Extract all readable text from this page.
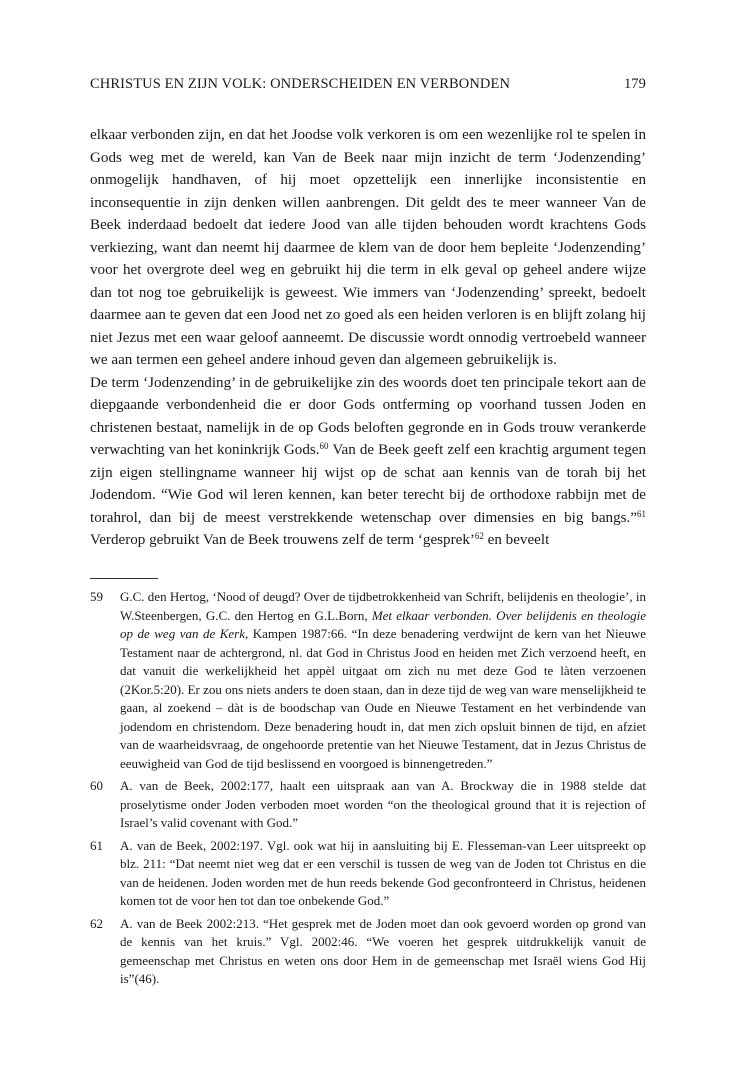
CHRISTUS EN ZIJN VOLK: ONDERSCHEIDEN EN VERBONDEN	179

elkaar verbonden zijn, en dat het Joodse volk verkoren is om een wezenlijke rol te spelen in Gods weg met de wereld, kan Van de Beek naar mijn inzicht de term ‘Jodenzending’ onmogelijk handhaven, of hij moet opzettelijk een innerlijke inconsistentie en inconsequentie in zijn denken willen aanbrengen. Dit geldt des te meer wanneer Van de Beek inderdaad bedoelt dat iedere Jood van alle tijden behouden wordt krachtens Gods verkiezing, want dan neemt hij daarmee de klem van de door hem bepleite ‘Jodenzending’ voor het overgrote deel weg en gebruikt hij die term in elk geval op geheel andere wijze dan tot nog toe gebruikelijk is geweest. Wie immers van ‘Jodenzending’ spreekt, bedoelt daarmee aan te geven dat een Jood net zo goed als een heiden verloren is en blijft zolang hij niet Jezus met een waar geloof aanneemt. De discussie wordt onnodig vertroebeld wanneer we aan termen een geheel andere inhoud geven dan algemeen gebruikelijk is.

De term ‘Jodenzending’ in de gebruikelijke zin des woords doet ten principale tekort aan de diepgaande verbondenheid die er door Gods ontferming op voorhand tussen Joden en christenen bestaat, namelijk in de op Gods beloften gegronde en in Gods trouw verankerde verwachting van het koninkrijk Gods.$^{60}$ Van de Beek geeft zelf een krachtig argument tegen zijn eigen stellingname wanneer hij wijst op de schat aan kennis van de torah bij het Jodendom. “Wie God wil leren kennen, kan beter terecht bij de orthodoxe rabbijn met de torahrol, dan bij de meest verstrekkende wetenschap over dimensies en big bangs.”$^{61}$ Verderop gebruikt Van de Beek trouwens zelf de term ‘gesprek’$^{62}$ en beveelt

59 G.C. den Hertog, ‘Nood of deugd? Over de tijdbetrokkenheid van Schrift, belijdenis en theologie’, in W.Steenbergen, G.C. den Hertog en G.L.Born, Met elkaar verbonden. Over belijdenis en theologie op de weg van de Kerk, Kampen 1987:66. “In deze benadering verdwijnt de kern van het Nieuwe Testament naar de achtergrond, nl. dat God in Christus Jood en heiden met Zich verzoend heeft, en dat vanuit die werkelijkheid het appèl uitgaat om zich nu met deze God te làten verzoenen (2Kor.5:20). Er zou ons niets anders te doen staan, dan in deze tijd de weg van ware menselijkheid te gaan, al zoekend – dàt is de boodschap van Oude en Nieuwe Testament en het verbindende van jodendom en christendom. Deze benadering houdt in, dat men zich opsluit binnen de tijd, en afziet van de waarheidsvraag, de ongehoorde pretentie van het Nieuwe Testament, dat in Jezus Christus de eeuwigheid van God de tijd beslissend en voorgoed is binnengetreden.”
60 A. van de Beek, 2002:177, haalt een uitspraak aan van A. Brockway die in 1988 stelde dat proselytisme onder Joden verboden moet worden “on the theological ground that it is rejection of Israel’s valid covenant with God.”
61 A. van de Beek, 2002:197. Vgl. ook wat hij in aansluiting bij E. Flesseman-van Leer uitspreekt op blz. 211: “Dat neemt niet weg dat er een verschil is tussen de weg van de Joden tot Christus en die van de heidenen. Joden worden met de hun reeds bekende God geconfronteerd in Christus, heidenen komen tot de voor hen tot dan toe onbekende God.”
62 A. van de Beek 2002:213. “Het gesprek met de Joden moet dan ook gevoerd worden op grond van de kennis van het kruis.” Vgl. 2002:46. “We voeren het gesprek uitdrukkelijk vanuit de gemeenschap met Christus en weten ons door Hem in de gemeenschap met Israël wiens God Hij is”(46).
